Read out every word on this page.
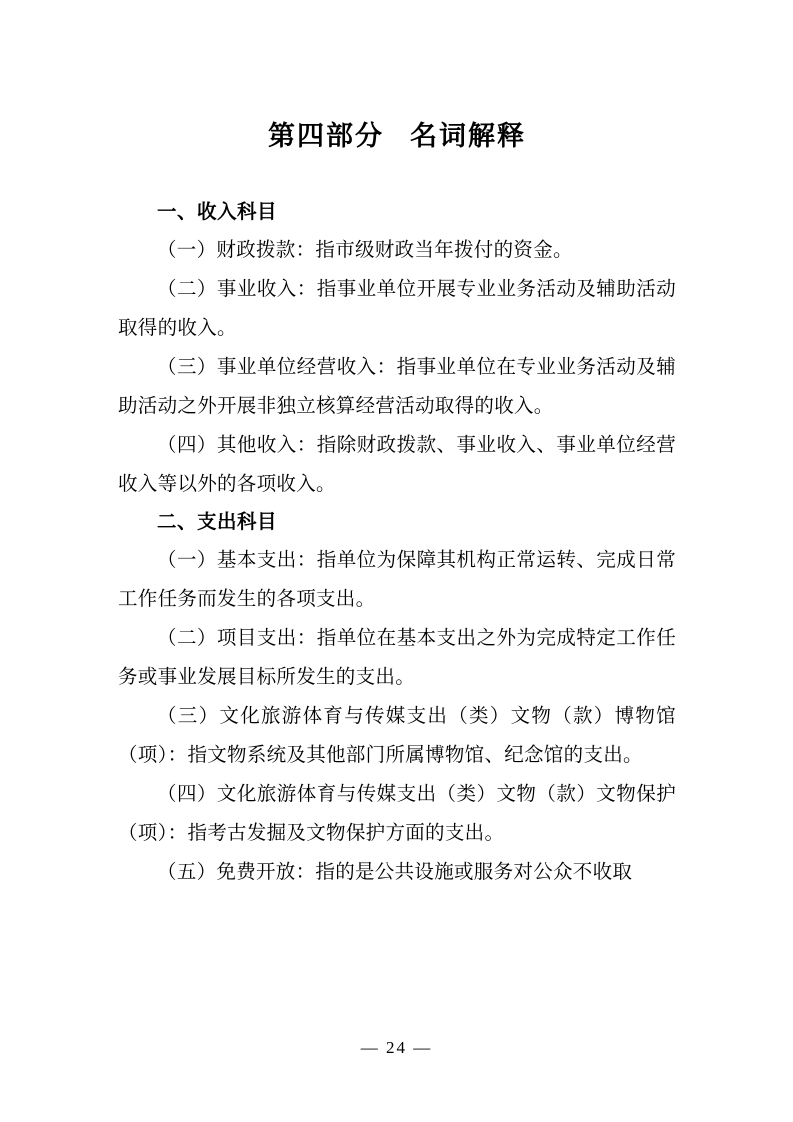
第四部分 名词解释
一、收入科目

（一）财政拨款：指市级财政当年拨付的资金。

（二）事业收入：指事业单位开展专业业务活动及辅助活动取得的收入。

（三）事业单位经营收入：指事业单位在专业业务活动及辅助活动之外开展非独立核算经营活动取得的收入。

（四）其他收入：指除财政拨款、事业收入、事业单位经营收入等以外的各项收入。

二、支出科目

（一）基本支出：指单位为保障其机构正常运转、完成日常工作任务而发生的各项支出。

（二）项目支出：指单位在基本支出之外为完成特定工作任务或事业发展目标所发生的支出。

（三）文化旅游体育与传媒支出（类）文物（款）博物馆（项）：指文物系统及其他部门所属博物馆、纪念馆的支出。

（四）文化旅游体育与传媒支出（类）文物（款）文物保护（项）：指考古发掘及文物保护方面的支出。

（五）免费开放：指的是公共设施或服务对公众不收取

— 24 —
